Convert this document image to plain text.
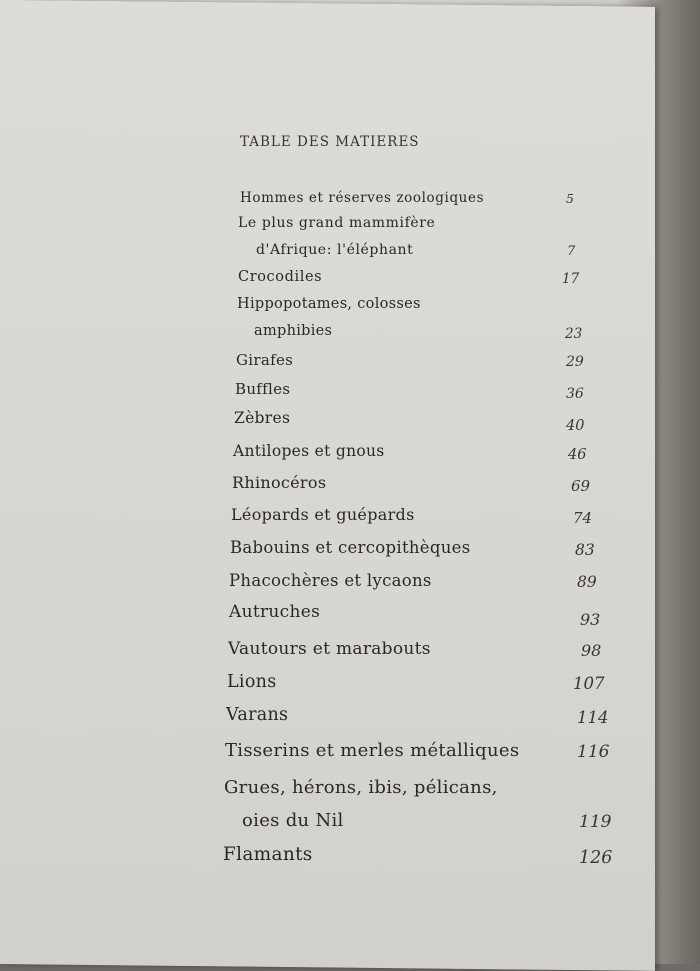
TABLE DES MATIERES
Hommes et réserves zoologiques	5
Le plus grand mammifère
d'Afrique: l'éléphant	7
Crocodiles	17
Hippopotames, colosses
amphibies	23
Girafes	29
Buffles	36
Zèbres	40
Antilopes et gnous	46
Rhinocéros	69
Léopards et guépards	74
Babouins et cercopithèques	83
Phacochères et lycaons	89
Autruches	93
Vautours et marabouts	98
Lions	107
Varans	114
Tisserins et merles métalliques	116
Grues, hérons, ibis, pélicans,
oies du Nil	119
Flamants	126
